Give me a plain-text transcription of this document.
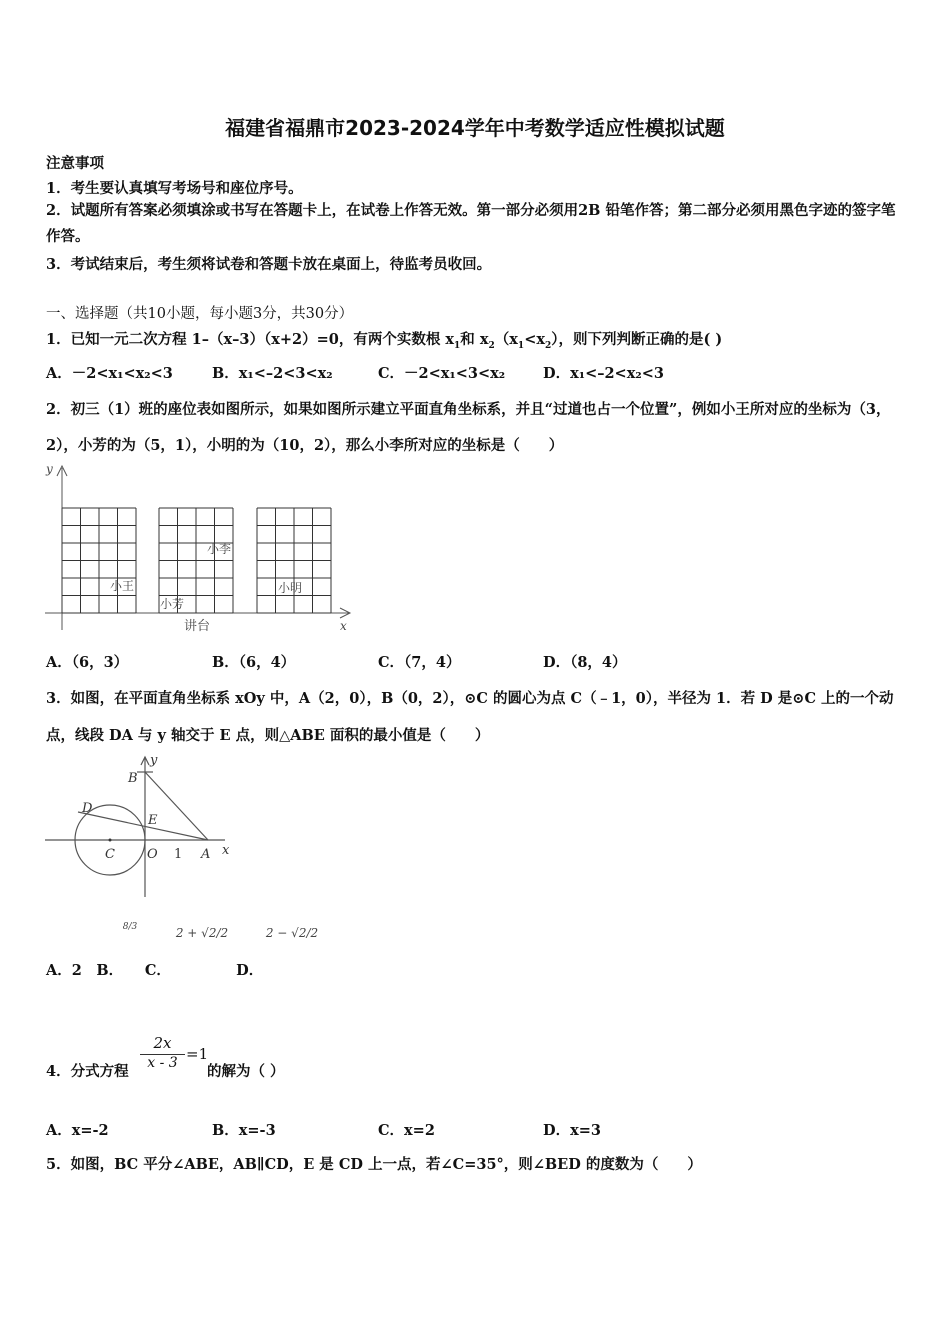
福建省福鼎市2023-2024学年中考数学适应性模拟试题
注意事项
1．考生要认真填写考场号和座位序号。
2．试题所有答案必须填涂或书写在答题卡上，在试卷上作答无效。第一部分必须用2B 铅笔作答；第二部分必须用黑色字迹的签字笔作答。
3．考试结束后，考生须将试卷和答题卡放在桌面上，待监考员收回。
一、选择题（共10小题，每小题3分，共30分）
1．已知一元二次方程 1–（x–3）（x+2）=0，有两个实数根 $x_1$和 $x_2(x_1<x_2)$，则下列判断正确的是( )
A．－2<x₁<x₂<3	B．x₁<–2<3<x₂	C．－2<x₁<3<x₂	D．x₁<–2<x₂<3
2．初三（1）班的座位表如图所示，如果如图所示建立平面直角坐标系，并且“过道也占一个位置”，例如小王所对应的坐标为（3，2），小芳的为（5，1），小明的为（10，2），那么小李所对应的坐标是（　　）
y
x
小王
小芳
小李
小明
讲台
A．（6，3）	B．（6，4）	C．（7，4）	D．（8，4）
3．如图，在平面直角坐标系 xOy 中，A（2，0），B（0，2），⊙C 的圆心为点 C（﹣1，0），半径为 1．若 D 是⊙C 上的一个动点，线段 DA 与 y 轴交于 E 点，则△ABE 面积的最小值是（　　）
y
B
D
E
C O 1 A x
8/3	2 + √2/2	2 − √2/2
A．2　B．　　C．　　　　　D．
4．分式方程
$\frac{2x}{x - 3} =1$
的解为（ ）
A．x=-2	B．x=-3	C．x=2	D．x=3
5．如图，BC 平分∠ABE，AB∥CD，E 是 CD 上一点，若∠C=35°，则∠BED 的度数为（　　）
